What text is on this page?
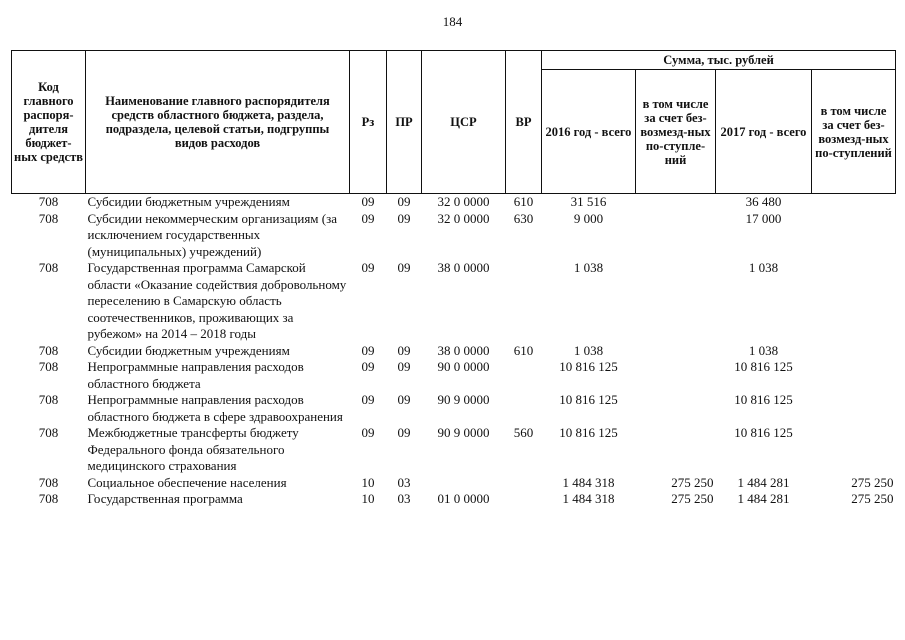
184
Код главного распоря-дителя бюджет-ных средств	Наименование главного распорядителя средств областного бюджета, раздела, подраздела, целевой статьи, подгруппы видов расходов	Рз	ПР	ЦСР	ВР	Сумма, тыс. рублей			
						2016 год - всего	в том числе за счет без-возмезд-ных по-ступле-ний	2017 год - всего	в том числе за счет без-возмезд-ных по-ступлений
708	Субсидии бюджетным учреждениям	09	09	32 0 0000	610	31 516		36 480	
708	Субсидии некоммерческим организациям (за исключением государственных (муниципальных) учреждений)	09	09	32 0 0000	630	9 000		17 000	
708	Государственная программа Самарской области «Оказание содействия добровольному переселению в Самарскую область соотечественников, проживающих за рубежом» на 2014 – 2018 годы	09	09	38 0 0000		1 038		1 038	
708	Субсидии бюджетным учреждениям	09	09	38 0 0000	610	1 038		1 038	
708	Непрограммные направления расходов областного бюджета	09	09	90 0 0000		10 816 125		10 816 125	
708	Непрограммные направления расходов областного бюджета в сфере здравоохранения	09	09	90 9 0000		10 816 125		10 816 125	
708	Межбюджетные трансферты бюджету Федерального фонда обязательного медицинского страхования	09	09	90 9 0000	560	10 816 125		10 816 125	
708	Социальное обеспечение населения	10	03			1 484 318	275 250	1 484 281	275 250
708	Государственная программа	10	03	01 0 0000		1 484 318	275 250	1 484 281	275 250
